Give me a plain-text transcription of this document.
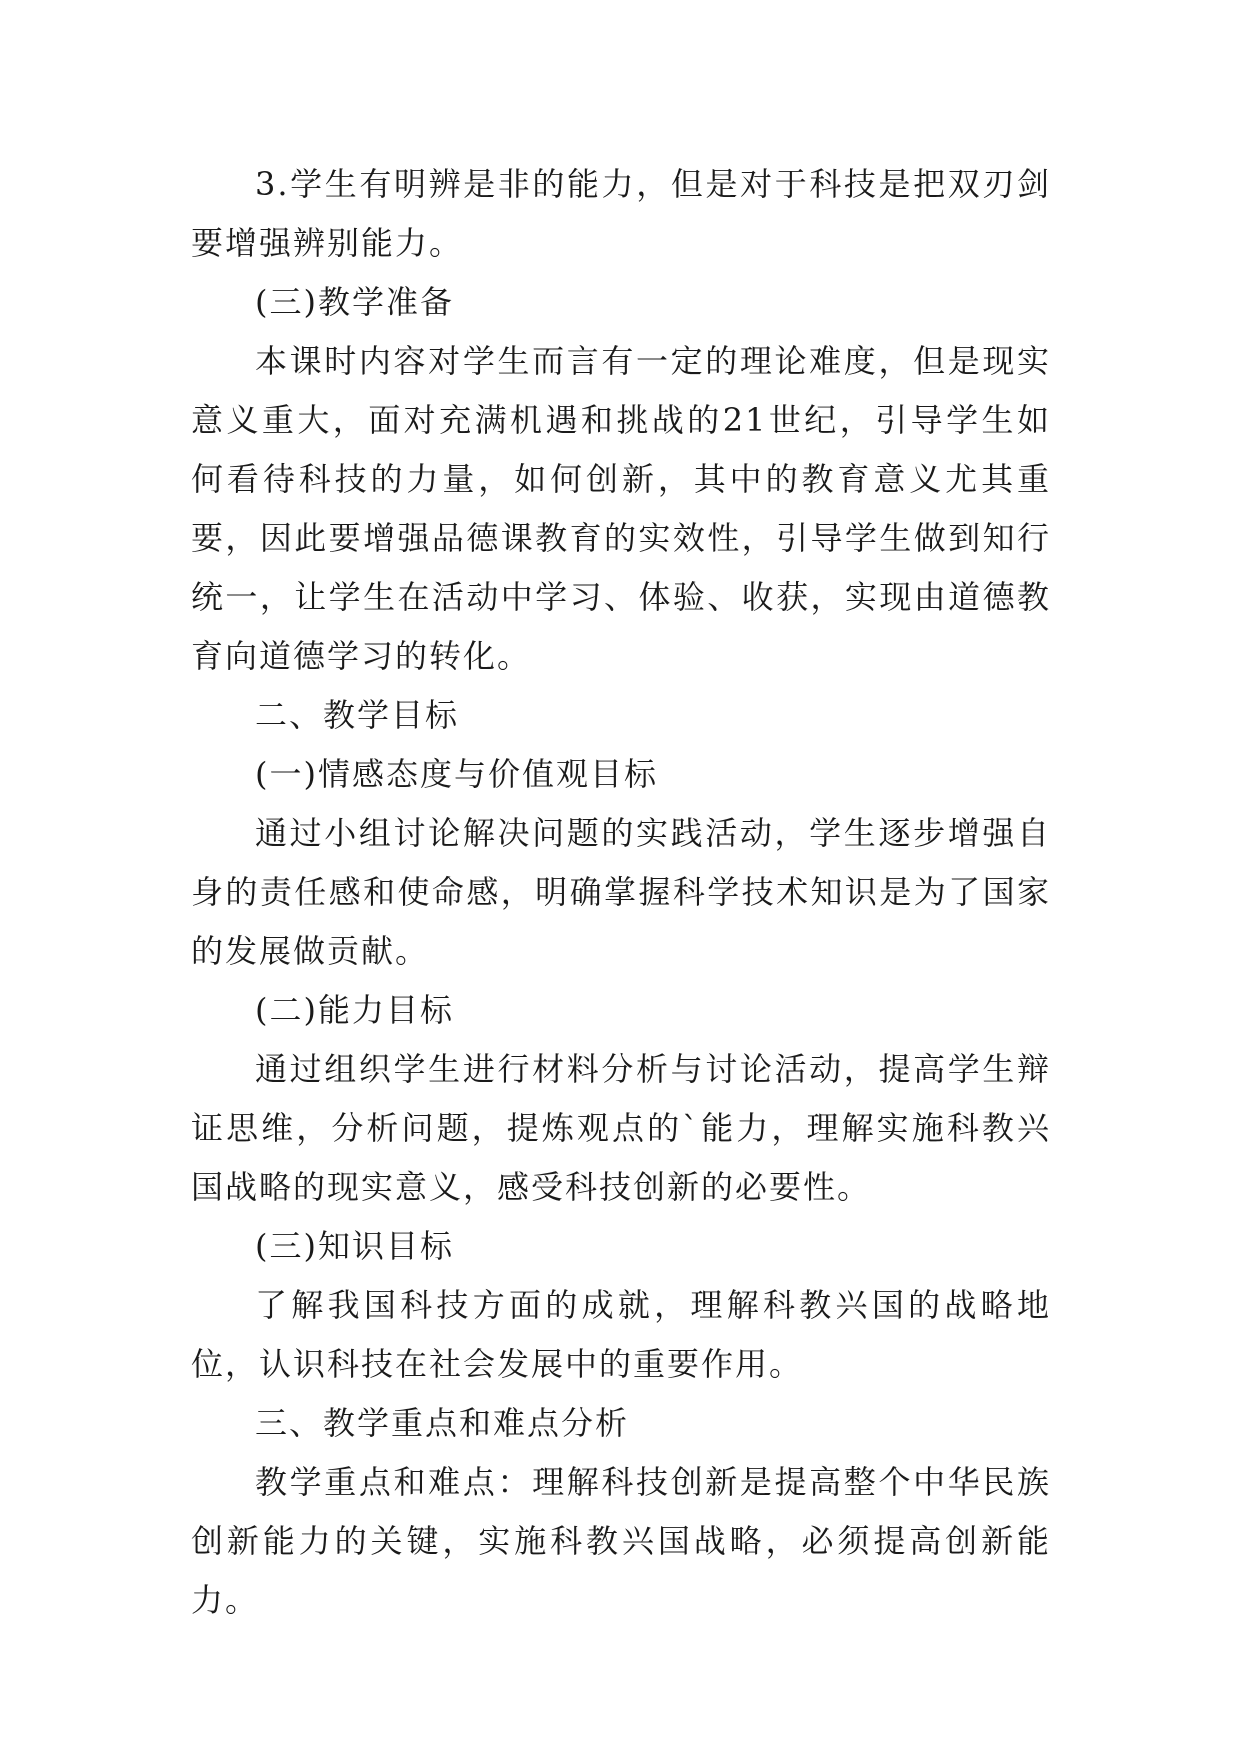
3.学生有明辨是非的能力，但是对于科技是把双刃剑要增强辨别能力。

(三)教学准备

本课时内容对学生而言有一定的理论难度，但是现实意义重大，面对充满机遇和挑战的21世纪，引导学生如何看待科技的力量，如何创新，其中的教育意义尤其重要，因此要增强品德课教育的实效性，引导学生做到知行统一，让学生在活动中学习、体验、收获，实现由道德教育向道德学习的转化。

二、教学目标

(一)情感态度与价值观目标

通过小组讨论解决问题的实践活动，学生逐步增强自身的责任感和使命感，明确掌握科学技术知识是为了国家的发展做贡献。

(二)能力目标

通过组织学生进行材料分析与讨论活动，提高学生辩证思维，分析问题，提炼观点的`能力，理解实施科教兴国战略的现实意义，感受科技创新的必要性。

(三)知识目标

了解我国科技方面的成就，理解科教兴国的战略地位，认识科技在社会发展中的重要作用。

三、教学重点和难点分析

教学重点和难点：理解科技创新是提高整个中华民族创新能力的关键，实施科教兴国战略，必须提高创新能力。
